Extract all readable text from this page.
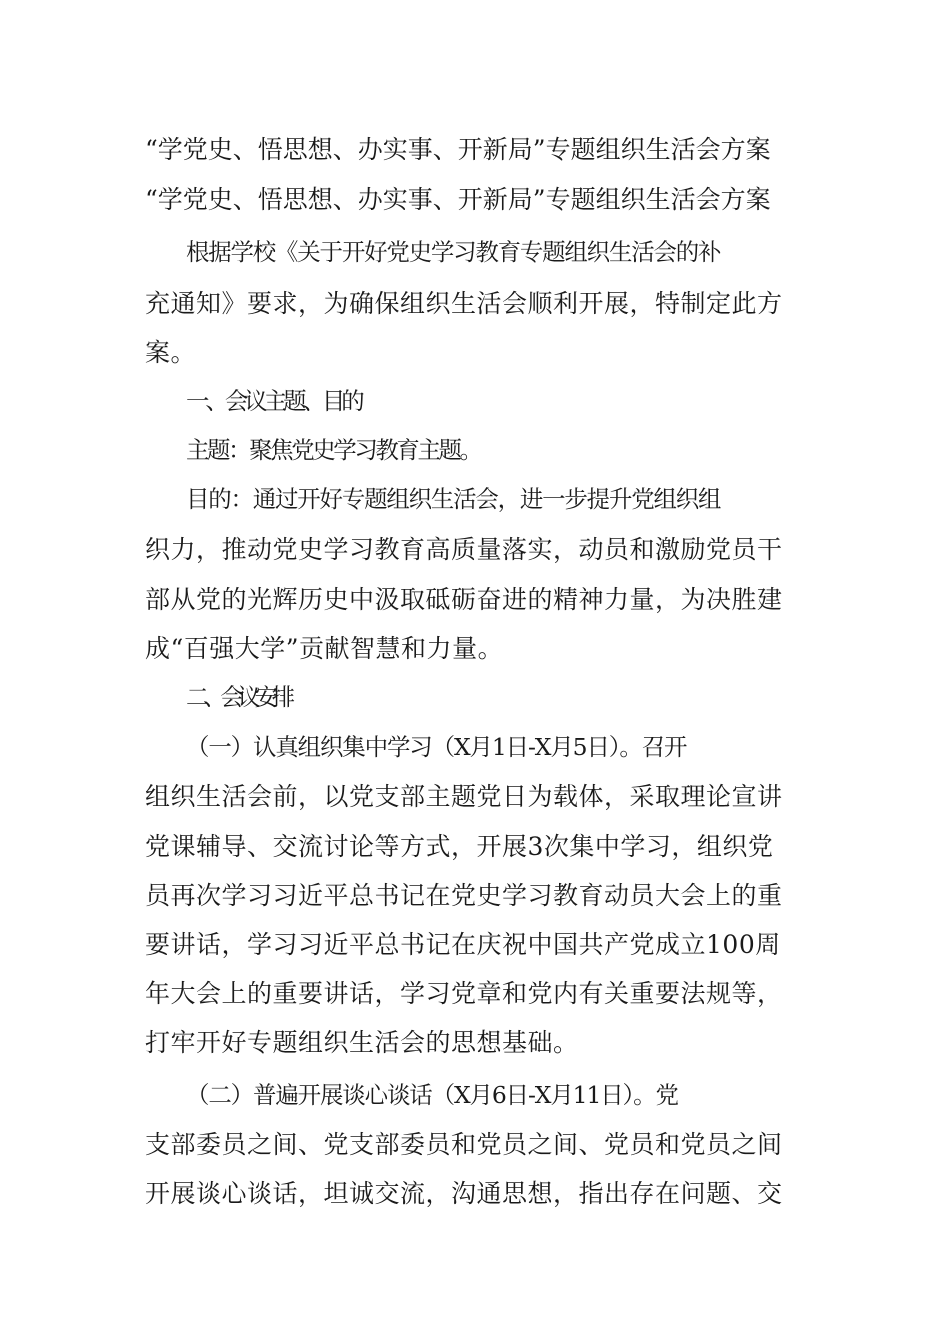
“学党史、悟思想、办实事、开新局”专题组织生活会方案
“学党史、悟思想、办实事、开新局”专题组织生活会方案
根据学校《关于开好党史学习教育专题组织生活会的补
充通知》要求，为确保组织生活会顺利开展，特制定此方
案。
一、会议主题、目的
主题：聚焦党史学习教育主题。
目的：通过开好专题组织生活会，进一步提升党组织组
织力，推动党史学习教育高质量落实，动员和激励党员干
部从党的光辉历史中汲取砥砺奋进的精神力量，为决胜建
成“百强大学”贡献智慧和力量。
二、会议安排
（一）认真组织集中学习（X月1日-X月5日）。召开
组织生活会前，以党支部主题党日为载体，采取理论宣讲
党课辅导、交流讨论等方式，开展3次集中学习，组织党
员再次学习习近平总书记在党史学习教育动员大会上的重
要讲话，学习习近平总书记在庆祝中国共产党成立100周
年大会上的重要讲话，学习党章和党内有关重要法规等，
打牢开好专题组织生活会的思想基础。
（二）普遍开展谈心谈话（X月6日-X月11日）。党
支部委员之间、党支部委员和党员之间、党员和党员之间
开展谈心谈话，坦诚交流，沟通思想，指出存在问题、交
